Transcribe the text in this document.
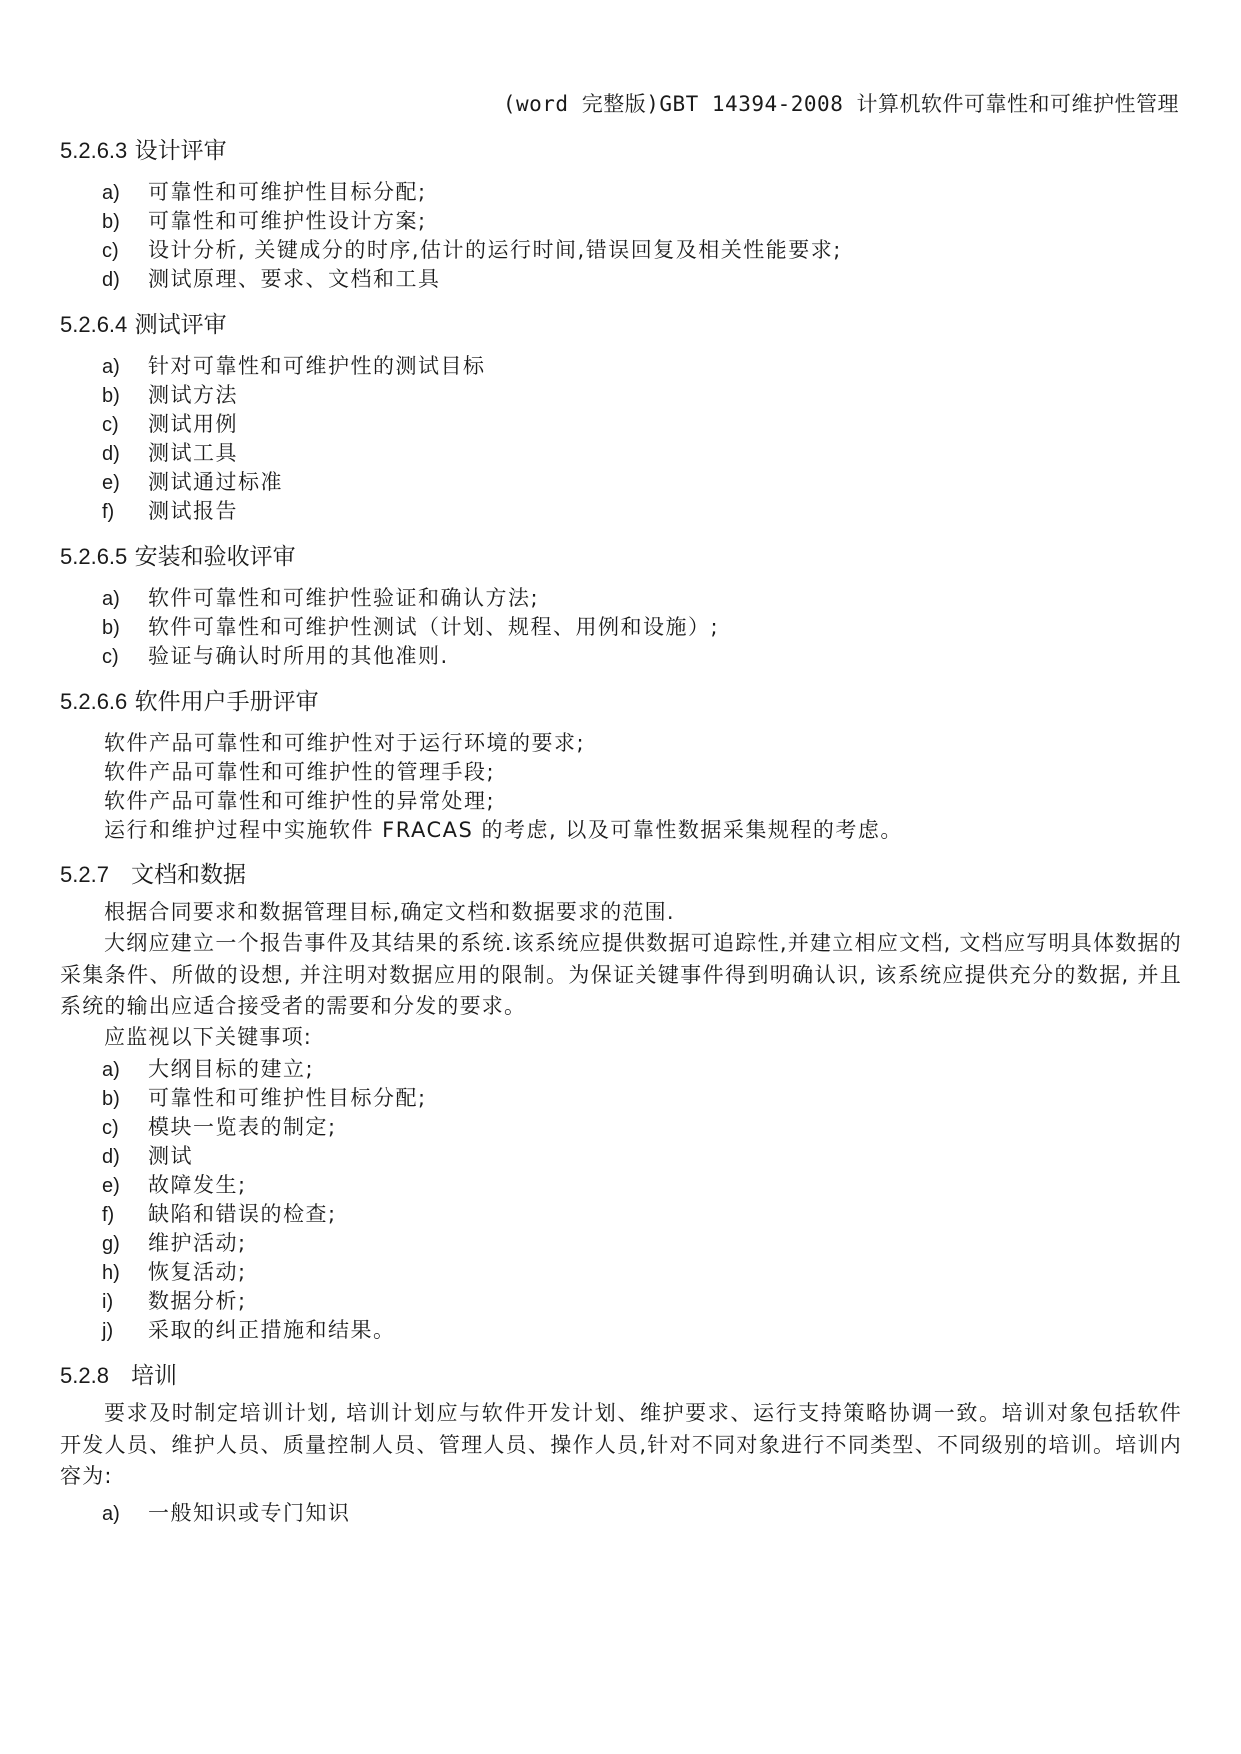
(word 完整版)GBT 14394-2008 计算机软件可靠性和可维护性管理
5.2.6.3 设计评审
a) 可靠性和可维护性目标分配;
b) 可靠性和可维护性设计方案;
c) 设计分析, 关键成分的时序,估计的运行时间,错误回复及相关性能要求;
d) 测试原理、要求、文档和工具
5.2.6.4 测试评审
a) 针对可靠性和可维护性的测试目标
b) 测试方法
c) 测试用例
d) 测试工具
e) 测试通过标准
f) 测试报告
5.2.6.5 安装和验收评审
a) 软件可靠性和可维护性验证和确认方法;
b) 软件可靠性和可维护性测试（计划、规程、用例和设施）;
c) 验证与确认时所用的其他准则.
5.2.6.6 软件用户手册评审
软件产品可靠性和可维护性对于运行环境的要求;
软件产品可靠性和可维护性的管理手段;
软件产品可靠性和可维护性的异常处理;
运行和维护过程中实施软件 FRACAS 的考虑, 以及可靠性数据采集规程的考虑。
5.2.7 文档和数据
根据合同要求和数据管理目标,确定文档和数据要求的范围.
大纲应建立一个报告事件及其结果的系统.该系统应提供数据可追踪性,并建立相应文档, 文档应写明具体数据的采集条件、所做的设想, 并注明对数据应用的限制。为保证关键事件得到明确认识, 该系统应提供充分的数据, 并且系统的输出应适合接受者的需要和分发的要求。
应监视以下关键事项:
a) 大纲目标的建立;
b) 可靠性和可维护性目标分配;
c) 模块一览表的制定;
d) 测试
e) 故障发生;
f) 缺陷和错误的检查;
g) 维护活动;
h) 恢复活动;
i) 数据分析;
j) 采取的纠正措施和结果。
5.2.8 培训
要求及时制定培训计划, 培训计划应与软件开发计划、维护要求、运行支持策略协调一致。培训对象包括软件开发人员、维护人员、质量控制人员、管理人员、操作人员,针对不同对象进行不同类型、不同级别的培训。培训内容为:
a) 一般知识或专门知识
